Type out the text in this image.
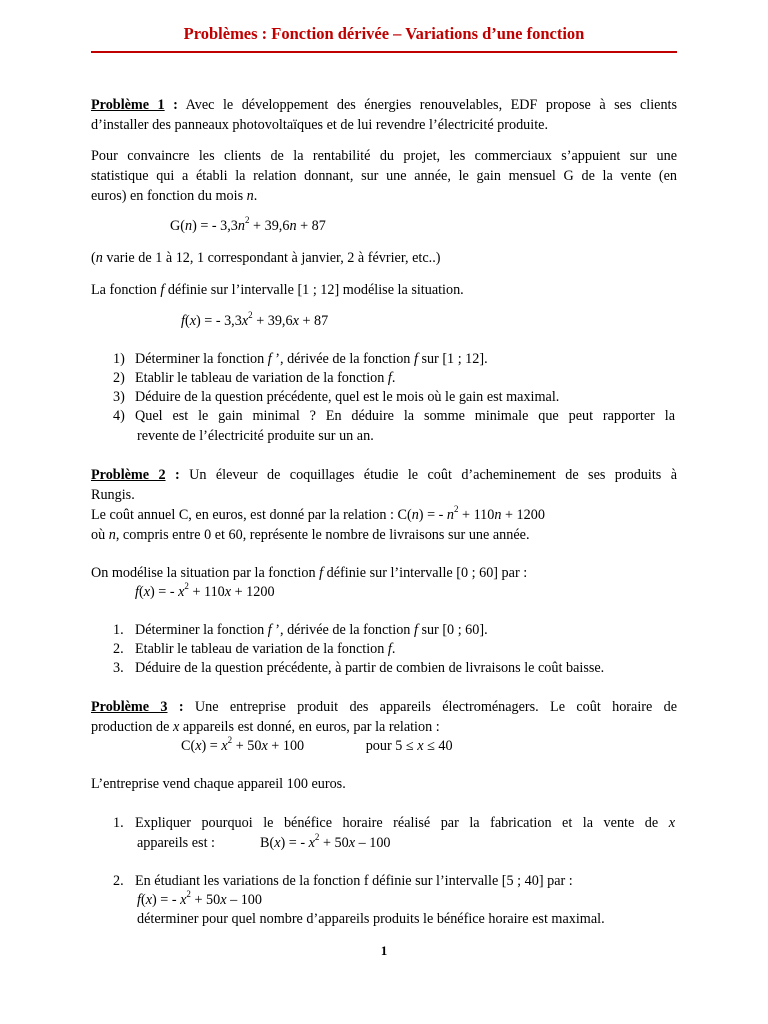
Problèmes : Fonction dérivée – Variations d’une fonction
Problème 1 : Avec le développement des énergies renouvelables, EDF propose à ses clients
d’installer des panneaux photovoltaïques et de lui revendre l’électricité produite.
Pour convaincre les clients de la rentabilité du projet, les commerciaux s’appuient sur une
statistique qui a établi la relation donnant, sur une année, le gain mensuel G de la vente (en
euros) en fonction du mois n.
G(n) = - $3,3n^2 + 39,6n + 87$
(n varie de 1 à 12, 1 correspondant à janvier, 2 à février, etc..)
La fonction f définie sur l’intervalle [1 ; 12] modélise la situation.
f(x) = - $3,3x^2 + 39,6x + 87$
1) Déterminer la fonction f ’, dérivée de la fonction f sur [1 ; 12].
2) Etablir le tableau de variation de la fonction f.
3) Déduire de la question précédente, quel est le mois où le gain est maximal.
4) Quel est le gain minimal ? En déduire la somme minimale que peut rapporter la
revente de l’électricité produite sur un an.
Problème 2 : Un éleveur de coquillages étudie le coût d’acheminement de ses produits à
Rungis.
Le coût annuel C, en euros, est donné par la relation : C(n) = - $n^2 + 110n + 1200$
où n, compris entre 0 et 60, représente le nombre de livraisons sur une année.
On modélise la situation par la fonction f définie sur l’intervalle [0 ; 60] par :
f(x) = - $x^2 + 110x + 1200$
1. Déterminer la fonction f ’, dérivée de la fonction f sur [0 ; 60].
2. Etablir le tableau de variation de la fonction f.
3. Déduire de la question précédente, à partir de combien de livraisons le coût baisse.
Problème 3 : Une entreprise produit des appareils électroménagers. Le coût horaire de
production de x appareils est donné, en euros, par la relation :
$C(x) = x^2 + 50x + 100$	pour 5 ≤ x ≤ 40
L’entreprise vend chaque appareil 100 euros.
1. Expliquer pourquoi le bénéfice horaire réalisé par la fabrication et la vente de x
appareils est :	B(x) = - $x^2 + 50x - 100$
2. En étudiant les variations de la fonction f définie sur l’intervalle [5 ; 40] par :
f(x) = - $x^2 + 50x - 100$
déterminer pour quel nombre d’appareils produits le bénéfice horaire est maximal.
1
